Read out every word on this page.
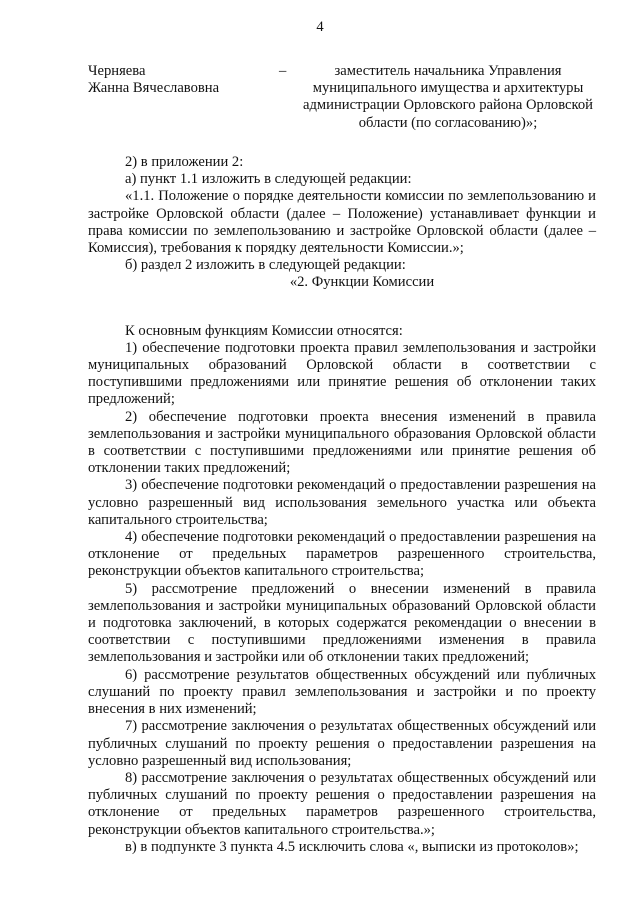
4
Черняева
Жанна Вячеславовна
–	заместитель начальника Управления
муниципального имущества и архитектуры
администрации Орловского района Орловской
области (по согласованию)»;

2) в приложении 2:

а) пункт 1.1 изложить в следующей редакции:

«1.1. Положение о порядке деятельности комиссии по землепользованию и застройке Орловской области (далее – Положение) устанавливает функции и права комиссии по землепользованию и застройке Орловской области (далее – Комиссия), требования к порядку деятельности Комиссии.»;

б) раздел 2 изложить в следующей редакции:

«2. Функции Комиссии

К основным функциям Комиссии относятся:

1) обеспечение подготовки проекта правил землепользования и застройки муниципальных образований Орловской области в соответствии с поступившими предложениями или принятие решения об отклонении таких предложений;

2) обеспечение подготовки проекта внесения изменений в правила землепользования и застройки муниципального образования Орловской области в соответствии с поступившими предложениями или принятие решения об отклонении таких предложений;

3) обеспечение подготовки рекомендаций о предоставлении разрешения на условно разрешенный вид использования земельного участка или объекта капитального строительства;

4) обеспечение подготовки рекомендаций о предоставлении разрешения на отклонение от предельных параметров разрешенного строительства, реконструкции объектов капитального строительства;

5) рассмотрение предложений о внесении изменений в правила землепользования и застройки муниципальных образований Орловской области и подготовка заключений, в которых содержатся рекомендации о внесении в соответствии с поступившими предложениями изменения в правила землепользования и застройки или об отклонении таких предложений;

6) рассмотрение результатов общественных обсуждений или публичных слушаний по проекту правил землепользования и застройки и по проекту внесения в них изменений;

7) рассмотрение заключения о результатах общественных обсуждений или публичных слушаний по проекту решения о предоставлении разрешения на условно разрешенный вид использования;

8) рассмотрение заключения о результатах общественных обсуждений или публичных слушаний по проекту решения о предоставлении разрешения на отклонение от предельных параметров разрешенного строительства, реконструкции объектов капитального строительства.»;

в) в подпункте 3 пункта 4.5 исключить слова «, выписки из протоколов»;
